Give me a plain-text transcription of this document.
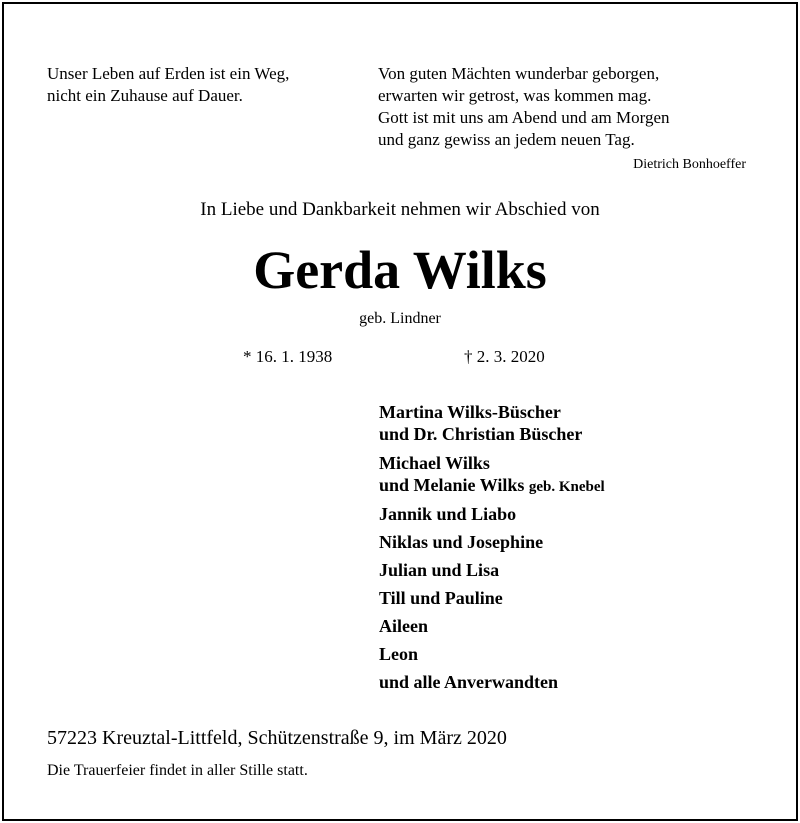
Unser Leben auf Erden ist ein Weg,
nicht ein Zuhause auf Dauer.
Von guten Mächten wunderbar geborgen,
erwarten wir getrost, was kommen mag.
Gott ist mit uns am Abend und am Morgen
und ganz gewiss an jedem neuen Tag.
Dietrich Bonhoeffer
In Liebe und Dankbarkeit nehmen wir Abschied von
Gerda Wilks
geb. Lindner
* 16. 1. 1938	† 2. 3. 2020
Martina Wilks-Büscher
und Dr. Christian Büscher
Michael Wilks
und Melanie Wilks geb. Knebel
Jannik und Liabo
Niklas und Josephine
Julian und Lisa
Till und Pauline
Aileen
Leon
und alle Anverwandten
57223 Kreuztal-Littfeld, Schützenstraße 9, im März 2020
Die Trauerfeier findet in aller Stille statt.
